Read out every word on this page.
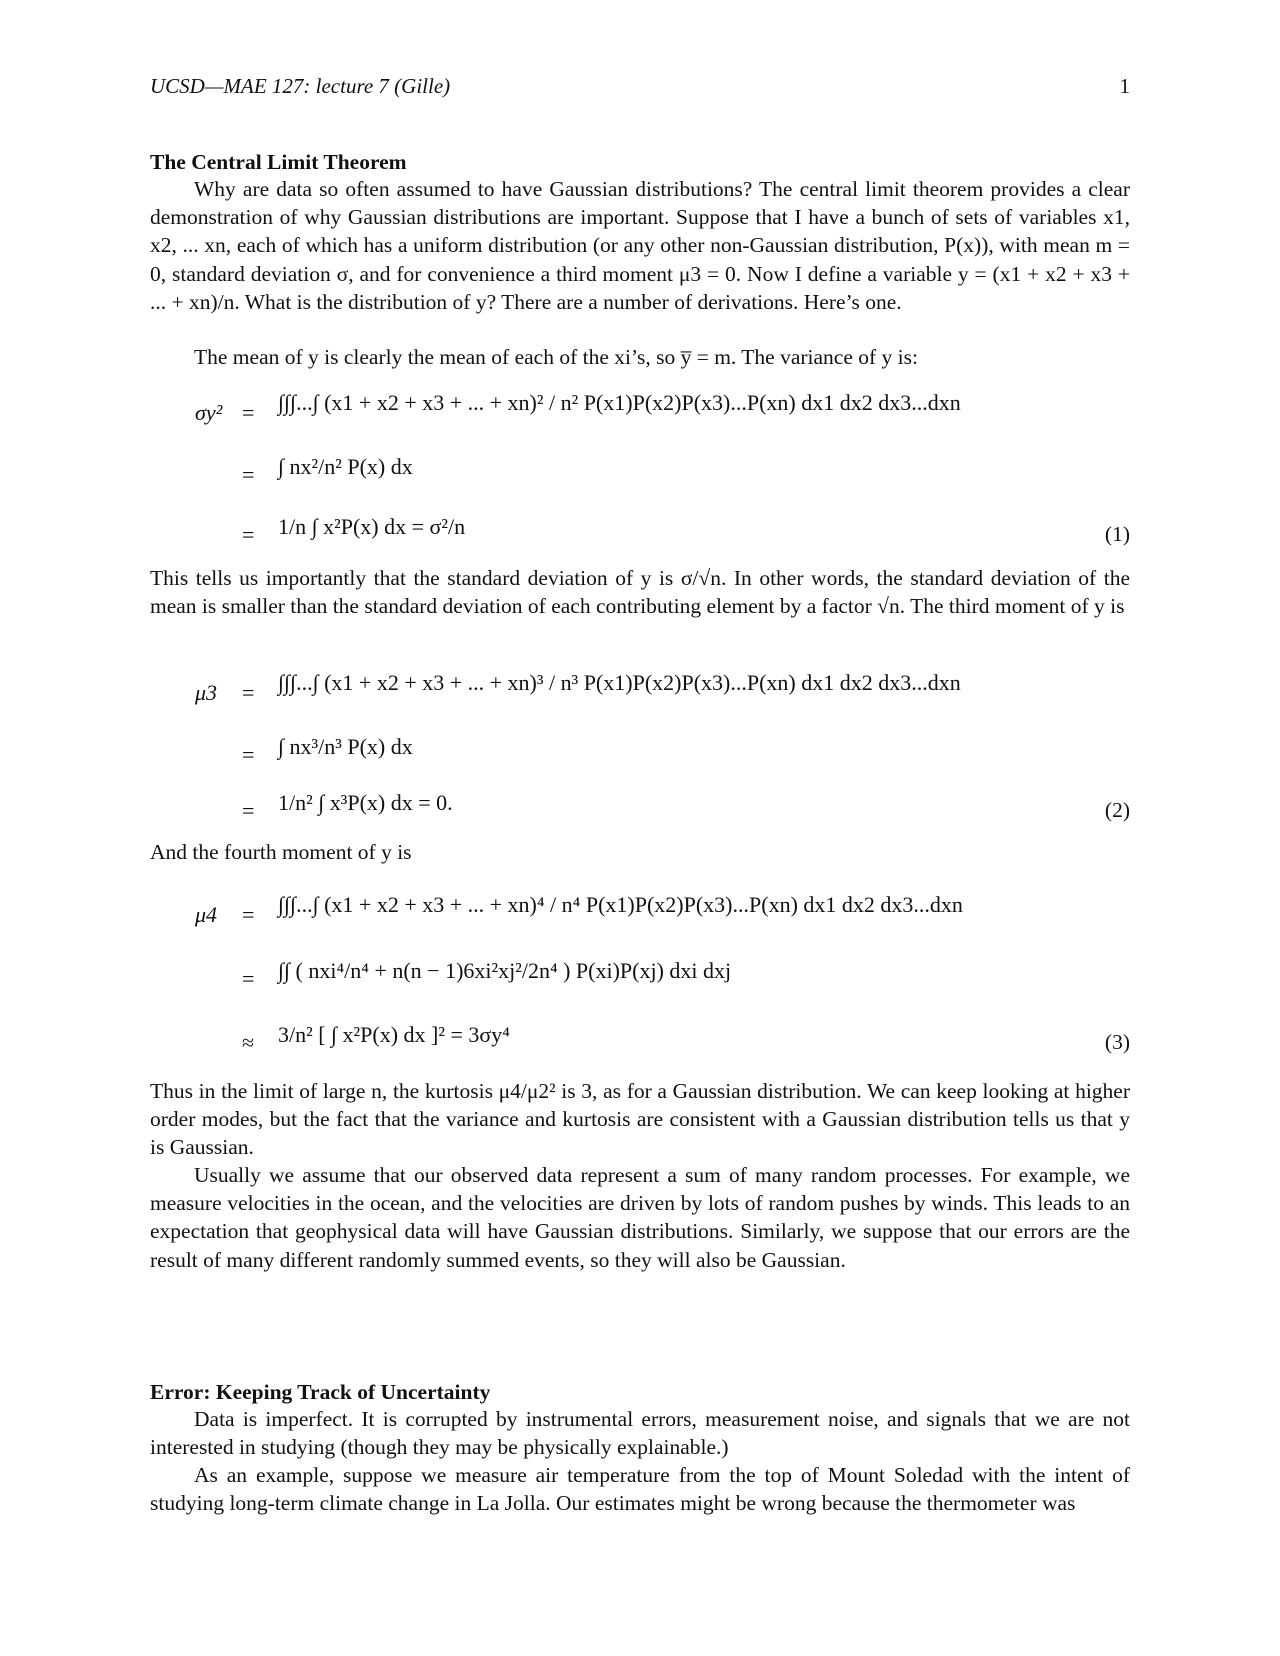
UCSD—MAE 127: lecture 7 (Gille)	1
The Central Limit Theorem

Why are data so often assumed to have Gaussian distributions? The central limit theorem provides a clear demonstration of why Gaussian distributions are important. Suppose that I have a bunch of sets of variables x1, x2, ... xn, each of which has a uniform distribution (or any other non-Gaussian distribution, P(x)), with mean m = 0, standard deviation σ, and for convenience a third moment μ3 = 0. Now I define a variable y = (x1 + x2 + x3 + ... + xn)/n. What is the distribution of y? There are a number of derivations. Here’s one.

The mean of y is clearly the mean of each of the xi’s, so y̅ = m. The variance of y is:

σy² = ∫∫∫...∫ (x1 + x2 + x3 + ... + xn)² / n² P(x1)P(x2)P(x3)...P(xn) dx1 dx2 dx3...dxn
= ∫ nx²/n² P(x) dx
= 1/n ∫ x²P(x) dx = σ²/n	(1)

This tells us importantly that the standard deviation of y is σ/√n. In other words, the standard deviation of the mean is smaller than the standard deviation of each contributing element by a factor √n. The third moment of y is

μ3 = ∫∫∫...∫ (x1 + x2 + x3 + ... + xn)³ / n³ P(x1)P(x2)P(x3)...P(xn) dx1 dx2 dx3...dxn
= ∫ nx³/n³ P(x) dx
= 1/n² ∫ x³P(x) dx = 0.	(2)

And the fourth moment of y is

μ4 = ∫∫∫...∫ (x1 + x2 + x3 + ... + xn)⁴ / n⁴ P(x1)P(x2)P(x3)...P(xn) dx1 dx2 dx3...dxn
= ∫∫ ( nxi⁴/n⁴ + n(n − 1)6xi²xj²/2n⁴ ) P(xi)P(xj) dxi dxj
≈ 3/n² [ ∫ x²P(x) dx ]² = 3σy⁴	(3)

Thus in the limit of large n, the kurtosis μ4/μ2² is 3, as for a Gaussian distribution. We can keep looking at higher order modes, but the fact that the variance and kurtosis are consistent with a Gaussian distribution tells us that y is Gaussian.

Usually we assume that our observed data represent a sum of many random processes. For example, we measure velocities in the ocean, and the velocities are driven by lots of random pushes by winds. This leads to an expectation that geophysical data will have Gaussian distributions. Similarly, we suppose that our errors are the result of many different randomly summed events, so they will also be Gaussian.

Error: Keeping Track of Uncertainty

Data is imperfect. It is corrupted by instrumental errors, measurement noise, and signals that we are not interested in studying (though they may be physically explainable.)

As an example, suppose we measure air temperature from the top of Mount Soledad with the intent of studying long-term climate change in La Jolla. Our estimates might be wrong because the thermometer was
